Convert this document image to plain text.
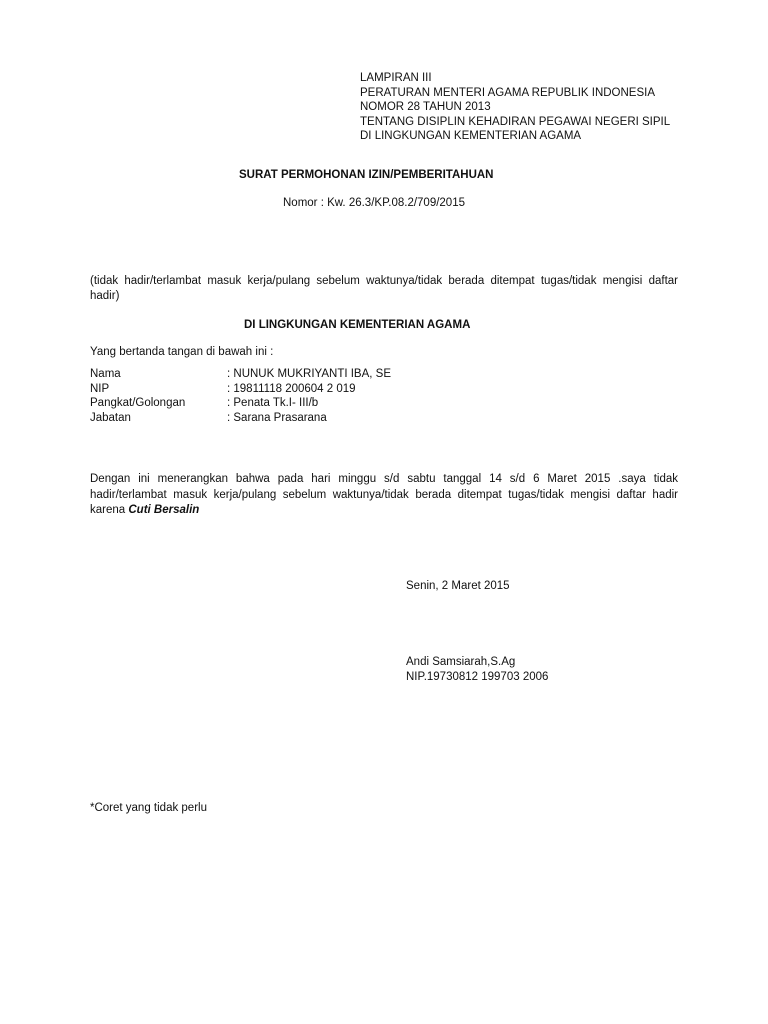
LAMPIRAN III
PERATURAN MENTERI AGAMA REPUBLIK INDONESIA
NOMOR 28 TAHUN 2013
TENTANG DISIPLIN KEHADIRAN PEGAWAI NEGERI SIPIL
DI LINGKUNGAN KEMENTERIAN AGAMA
SURAT PERMOHONAN IZIN/PEMBERITAHUAN
Nomor : Kw. 26.3/KP.08.2/709/2015
(tidak hadir/terlambat masuk kerja/pulang sebelum waktunya/tidak berada ditempat tugas/tidak mengisi daftar hadir)
DI LINGKUNGAN KEMENTERIAN AGAMA
Yang bertanda tangan di bawah ini :
Nama	: NUNUK MUKRIYANTI IBA, SE
NIP	: 19811118 200604 2 019
Pangkat/Golongan	: Penata Tk.I- III/b
Jabatan	: Sarana Prasarana
Dengan ini menerangkan bahwa pada hari minggu s/d sabtu tanggal 14 s/d 6 Maret 2015 .saya tidak hadir/terlambat masuk kerja/pulang sebelum waktunya/tidak berada ditempat tugas/tidak mengisi daftar hadir karena Cuti Bersalin
Senin, 2 Maret 2015
Andi Samsiarah,S.Ag
NIP.19730812 199703 2006
*Coret yang tidak perlu
